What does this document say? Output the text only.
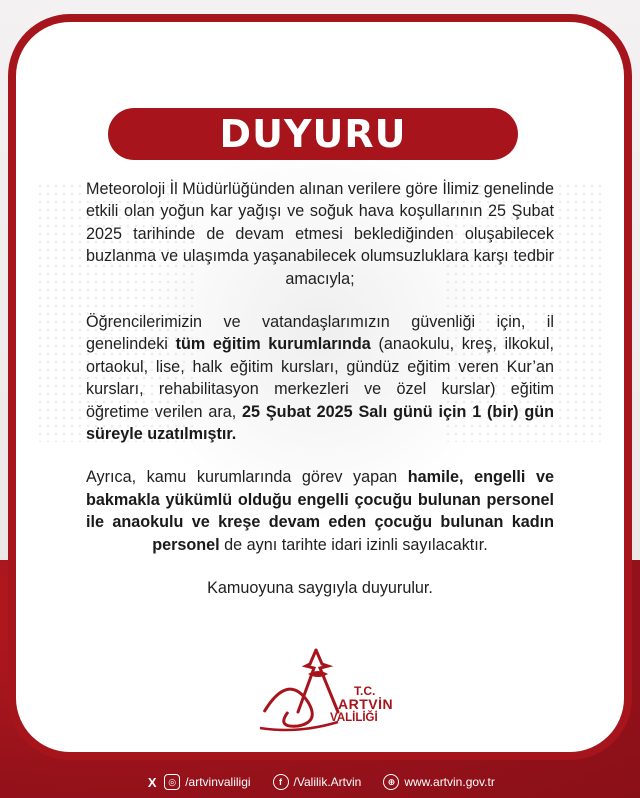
DUYURU

Meteoroloji İl Müdürlüğünden alınan verilere göre İlimiz genelinde etkili olan yoğun kar yağışı ve soğuk hava koşullarının 25 Şubat 2025 tarihinde de devam etmesi beklediğinden oluşabilecek buzlanma ve ulaşımda yaşanabilecek olumsuzluklara karşı tedbir amacıyla;

Öğrencilerimizin ve vatandaşlarımızın güvenliği için, il genelindeki tüm eğitim kurumlarında (anaokulu, kreş, ilkokul, ortaokul, lise, halk eğitim kursları, gündüz eğitim veren Kur’an kursları, rehabilitasyon merkezleri ve özel kurslar) eğitim öğretime verilen ara, 25 Şubat 2025 Salı günü için 1 (bir) gün süreyle uzatılmıştır.

Ayrıca, kamu kurumlarında görev yapan hamile, engelli ve bakmakla yükümlü olduğu engelli çocuğu bulunan personel ile anaokulu ve kreşe devam eden çocuğu bulunan kadın personel de aynı tarihte idari izinli sayılacaktır.

Kamuoyuna saygıyla duyurulur.

T.C.
ARTVİN
VALİLİĞİ
X	◎ /artvinvaliligi	f /Valilik.Artvin	⊕ www.artvin.gov.tr
